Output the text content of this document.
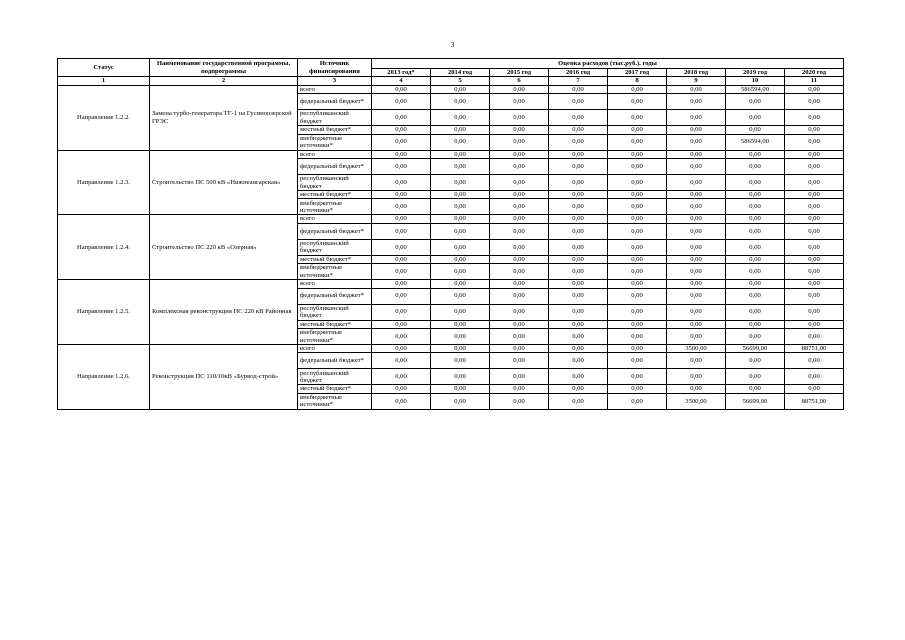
3
Статус	Наименование государственной программы, подпрограммы	Источник финансирования	Оценка расходов (тыс.руб.), годы							
			2013 год*	2014 год	2015 год	2016 год	2017 год	2018 год	2019 год	2020 год
1	2	3	4	5	6	7	8	9	10	11
Направление 1.2.2.	Замена турбо-генератора ТГ-1 на Гусиноозерской ГРЭС	всего	0,00	0,00	0,00	0,00	0,00	0,00	586594,00	0,00
		федеральный бюджет*	0,00	0,00	0,00	0,00	0,00	0,00	0,00	0,00
		республиканский бюджет	0,00	0,00	0,00	0,00	0,00	0,00	0,00	0,00
		местный бюджет*	0,00	0,00	0,00	0,00	0,00	0,00	0,00	0,00
		внебюджетные источники*	0,00	0,00	0,00	0,00	0,00	0,00	586594,00	0,00
Направление 1.2.3.	Строительство ПС 500 кВ «Нижнеангарская»	всего	0,00	0,00	0,00	0,00	0,00	0,00	0,00	0,00
		федеральный бюджет*	0,00	0,00	0,00	0,00	0,00	0,00	0,00	0,00
		республиканский бюджет	0,00	0,00	0,00	0,00	0,00	0,00	0,00	0,00
		местный бюджет*	0,00	0,00	0,00	0,00	0,00	0,00	0,00	0,00
		внебюджетные источники*	0,00	0,00	0,00	0,00	0,00	0,00	0,00	0,00
Направление 1.2.4.	Строительство ПС 220 кВ «Озерная»	всего	0,00	0,00	0,00	0,00	0,00	0,00	0,00	0,00
		федеральный бюджет*	0,00	0,00	0,00	0,00	0,00	0,00	0,00	0,00
		республиканский бюджет	0,00	0,00	0,00	0,00	0,00	0,00	0,00	0,00
		местный бюджет*	0,00	0,00	0,00	0,00	0,00	0,00	0,00	0,00
		внебюджетные источники*	0,00	0,00	0,00	0,00	0,00	0,00	0,00	0,00
Направление 1.2.5.	Комплексная реконструкция ПС 220 кВ Районная	всего	0,00	0,00	0,00	0,00	0,00	0,00	0,00	0,00
		федеральный бюджет*	0,00	0,00	0,00	0,00	0,00	0,00	0,00	0,00
		республиканский бюджет	0,00	0,00	0,00	0,00	0,00	0,00	0,00	0,00
		местный бюджет*	0,00	0,00	0,00	0,00	0,00	0,00	0,00	0,00
		внебюджетные источники*	0,00	0,00	0,00	0,00	0,00	0,00	0,00	0,00
Направление 1.2.6.	Реконструкция ПС 110/10кВ «Бурвод-строй»	всего	0,00	0,00	0,00	0,00	0,00	3500,00	56699,00	88751,00
		федеральный бюджет*	0,00	0,00	0,00	0,00	0,00	0,00	0,00	0,00
		республиканский бюджет	0,00	0,00	0,00	0,00	0,00	0,00	0,00	0,00
		местный бюджет*	0,00	0,00	0,00	0,00	0,00	0,00	0,00	0,00
		внебюджетные источники*	0,00	0,00	0,00	0,00	0,00	3500,00	56699,00	88751,00
